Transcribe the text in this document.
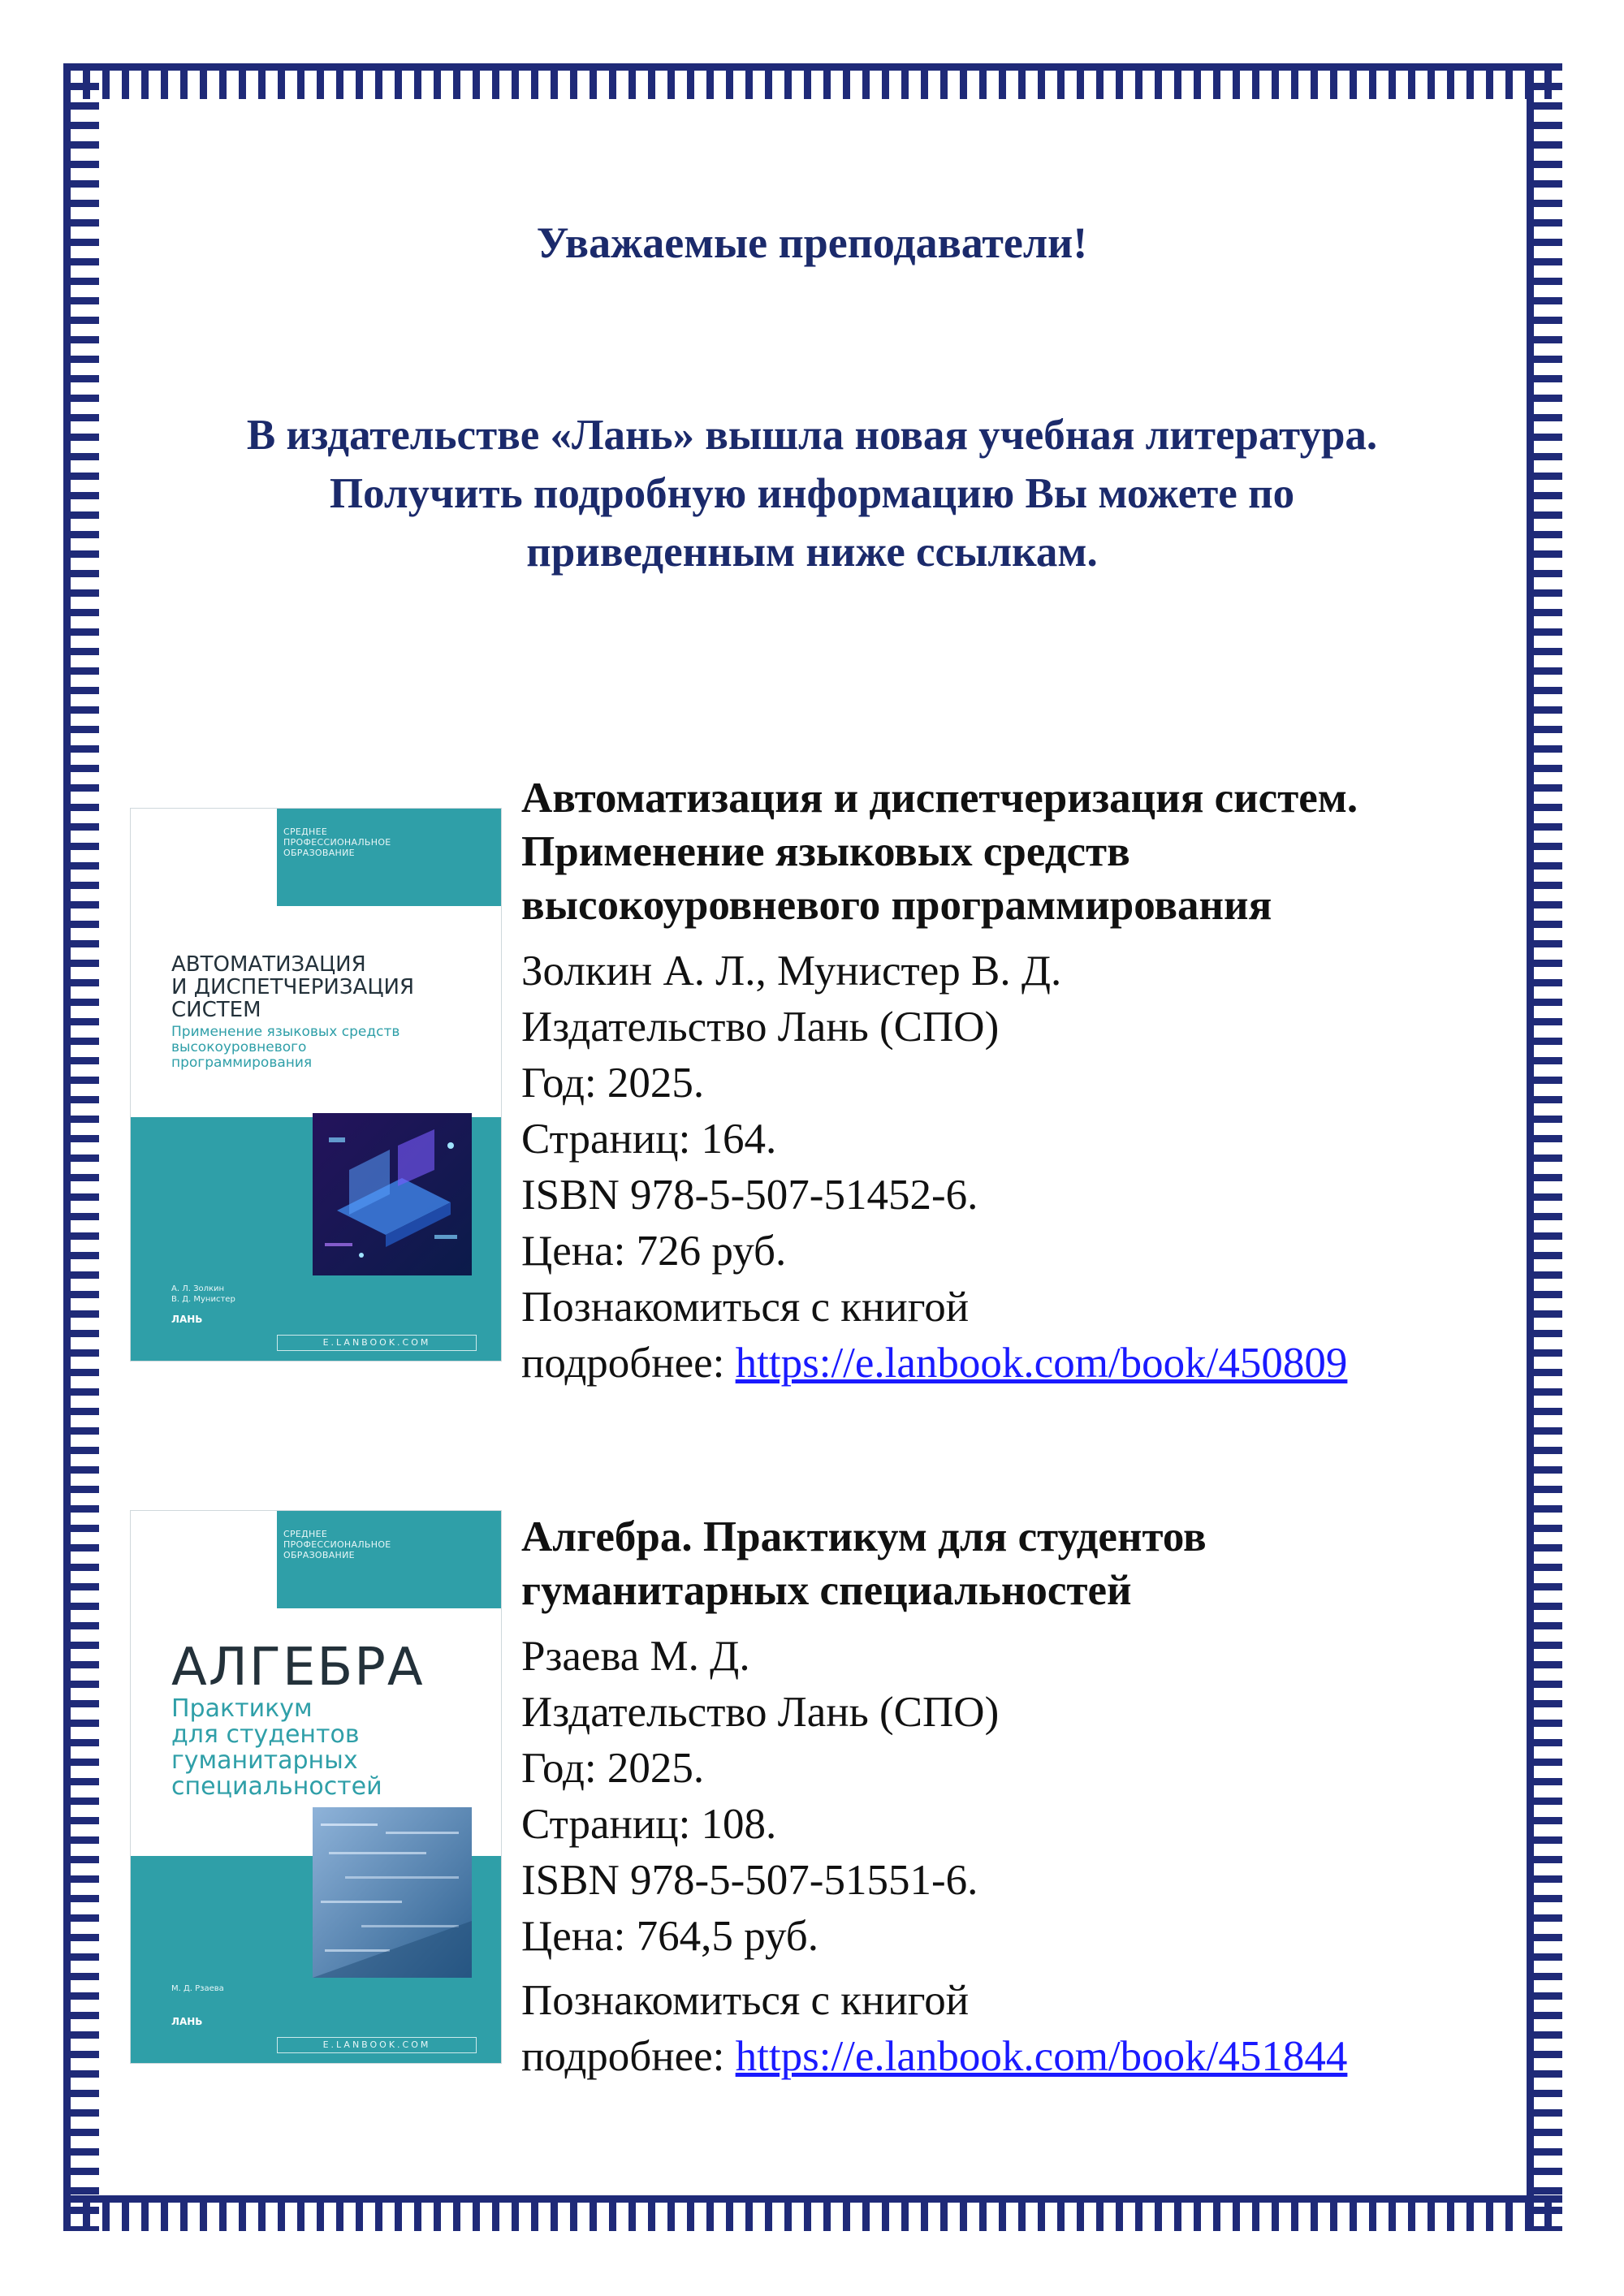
Уважаемые преподаватели!
В издательстве «Лань» вышла новая учебная литература.
Получить подробную информацию Вы можете по
приведенным ниже ссылкам.
СРЕДНЕЕ
ПРОФЕССИОНАЛЬНОЕ
ОБРАЗОВАНИЕ
АВТОМАТИЗАЦИЯ
И ДИСПЕТЧЕРИЗАЦИЯ
СИСТЕМ
Применение языковых средств
высокоуровневого
программирования
А. Л. Золкин
В. Д. Мунистер
ЛАНЬ
E.LANBOOK.COM
Автоматизация и диспетчеризация систем.
Применение языковых средств
высокоуровневого программирования
Золкин А. Л., Мунистер В. Д.
Издательство Лань (СПО)
Год: 2025.
Страниц: 164.
ISBN 978-5-507-51452-6.
Цена: 726 руб.
Познакомиться с книгой
подробнее: https://e.lanbook.com/book/450809
СРЕДНЕЕ
ПРОФЕССИОНАЛЬНОЕ
ОБРАЗОВАНИЕ
АЛГЕБРА
Практикум
для студентов
гуманитарных
специальностей
М. Д. Рзаева
ЛАНЬ
E.LANBOOK.COM
Алгебра. Практикум для студентов
гуманитарных специальностей
Рзаева М. Д.
Издательство Лань (СПО)
Год: 2025.
Страниц: 108.
ISBN 978-5-507-51551-6.
Цена: 764,5 руб.
Познакомиться с книгой
подробнее: https://e.lanbook.com/book/451844
